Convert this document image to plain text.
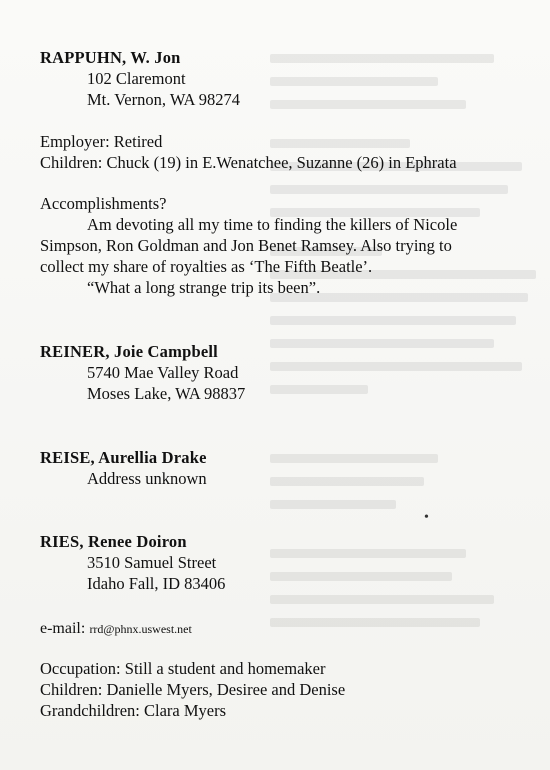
RAPPUHN, W. Jon
102 Claremont
Mt. Vernon, WA 98274
Employer: Retired
Children: Chuck (19) in E.Wenatchee, Suzanne (26) in Ephrata
Accomplishments?
Am devoting all my time to finding the killers of Nicole
Simpson, Ron Goldman and Jon Benet Ramsey. Also trying to
collect my share of royalties as ‘The Fifth Beatle’.
“What a long strange trip its been”.
REINER, Joie Campbell
5740 Mae Valley Road
Moses Lake, WA 98837
REISE, Aurellia Drake
Address unknown
•
RIES, Renee Doiron
3510 Samuel Street
Idaho Fall, ID 83406
e-mail: rrd@phnx.uswest.net
Occupation: Still a student and homemaker
Children: Danielle Myers, Desiree and Denise
Grandchildren: Clara Myers
